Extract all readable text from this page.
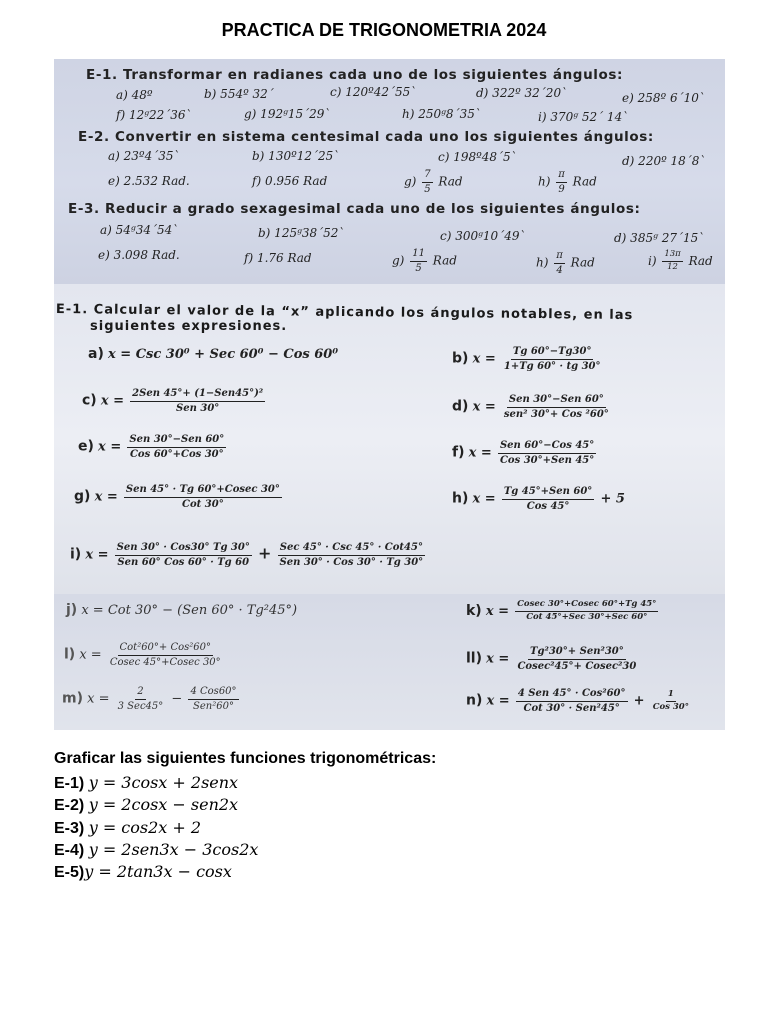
PRACTICA DE TRIGONOMETRIA 2024
E-1. Transformar en radianes cada uno de los siguientes ángulos:
a) 48º	b) 554º 32ˊ	c) 120º42ˊ55ˋ	d) 322º 32ˊ20ˋ	e) 258º 6ˊ10ˋ
f) 12ᵍ22ˊ36ˋ	g) 192ᵍ15ˊ29ˋ	h) 250ᵍ8ˊ35ˋ	i) 370ᵍ 52ˊ 14ˋ
E-2. Convertir en sistema centesimal cada uno los siguientes ángulos:
a) 23º4ˊ35ˋ	b) 130º12ˊ25ˋ	c) 198º48ˊ5ˋ	d) 220º 18ˊ8ˋ
e) 2.532 Rad.	f) 0.956 Rad	$g) \frac{7}{5}$ Rad	$h) \frac{\pi}{9}$ Rad
E-3. Reducir a grado sexagesimal cada uno de los siguientes ángulos:
a) 54ᵍ34ˊ54ˋ	b) 125ᵍ38ˊ52ˋ	c) 300ᵍ10ˊ49ˋ	d) 385ᵍ 27ˊ15ˋ
e) 3.098 Rad.	f) 1.76 Rad	$g) \frac{11}{5}$ Rad	$h) \frac{\pi}{4}$ Rad	$i) \frac{13\pi}{12}$ Rad
E-1. Calcular el valor de la “x” aplicando los ángulos notables, en las
siguientes expresiones.
a) x = Csc 30⁰ + Sec 60⁰ − Cos 60⁰	b) $x = \frac{Tg 60^\circ-Tg30^\circ}{1+Tg 60^\circ \cdot tg 30^\circ}$
c) $x = \frac{\text{2Sen 45°+ (1−Sen45°)²}}{\text{Sen 30°}}$	d) $x = \frac{\text{Sen 30°−Sen 60°}}{\text{sen² 30°+ Cos ²60°}}$
e) $x = \frac{\text{Sen 30°−Sen 60°}}{\text{Cos 60°+Cos 30°}}$	f) $x = \frac{\text{Sen 60°−Cos 45°}}{\text{Cos 30°+Sen 45°}}$
g) $x = \frac{\text{Sen 45° · Tg 60°+Cosec 30°}}{\text{Cot 30°}}$	h) $x = \frac{\text{Tg 45°+Sen 60°}}{\text{Cos 45°}} + 5$
i) $x = \frac{\text{Sen 30° · Cos30° Tg 30°}}{\text{Sen 60° Cos 60° · Tg 60}} + \frac{\text{Sec 45° · Csc 45° · Cot45°}}{\text{Sen 30° · Cos 30° · Tg 30°}}$
j) x = Cot 30° − (Sen 60° · Tg²45°)	k) $x = \frac{Cosec 30^\circ+Cosec 60^\circ+Tg 45^\circ}{\text{Cot 45°+Sec 30°+Sec 60°}}$
l) $x = \frac{\text{Cot²60°+ Cos²60°}}{Cosec 45^\circ+Cosec 30^\circ}$	ll) $x = \frac{\text{Tg²30°+ Sen²30°}}{\text{Cosec²45°+ Cosec²30}}$
m) $x = \frac{2}{\text{3 Sec45°}} - \frac{\text{4 Cos60°}}{\text{Sen²60°}}$	n) $x = \frac{\text{4 Sen 45° · Cos²60°}}{\text{Cot 30° · Sen²45°}} + \frac{1}{\text{Cos 30°}}$
Graficar las siguientes funciones trigonométricas:
E-1) y = 3cosx + 2senx
E-2) y = 2cosx − sen2x
E-3) y = cos2x + 2
E-4) y = 2sen3x − 3cos2x
E-5)y = 2tan3x − cosx
